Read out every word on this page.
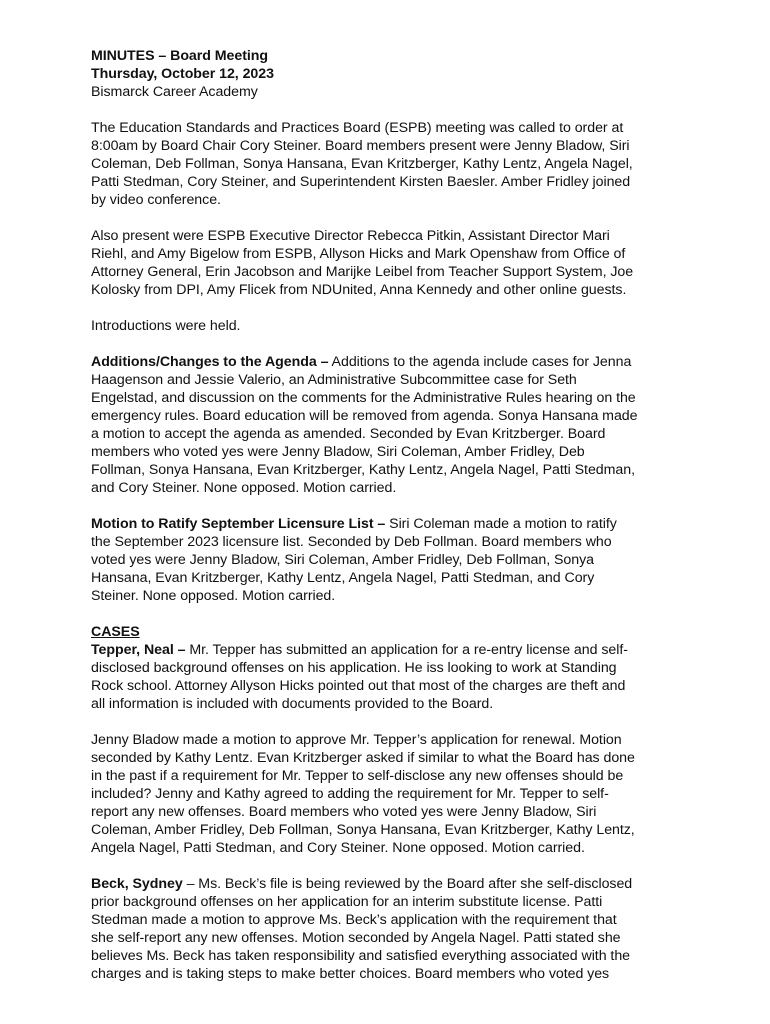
MINUTES – Board Meeting
Thursday, October 12, 2023
Bismarck Career Academy
The Education Standards and Practices Board (ESPB) meeting was called to order at
8:00am by Board Chair Cory Steiner. Board members present were Jenny Bladow, Siri
Coleman, Deb Follman, Sonya Hansana, Evan Kritzberger, Kathy Lentz, Angela Nagel,
Patti Stedman, Cory Steiner, and Superintendent Kirsten Baesler. Amber Fridley joined
by video conference.
Also present were ESPB Executive Director Rebecca Pitkin, Assistant Director Mari
Riehl, and Amy Bigelow from ESPB, Allyson Hicks and Mark Openshaw from Office of
Attorney General, Erin Jacobson and Marijke Leibel from Teacher Support System, Joe
Kolosky from DPI, Amy Flicek from NDUnited, Anna Kennedy and other online guests.
Introductions were held.
Additions/Changes to the Agenda – Additions to the agenda include cases for Jenna
Haagenson and Jessie Valerio, an Administrative Subcommittee case for Seth
Engelstad, and discussion on the comments for the Administrative Rules hearing on the
emergency rules. Board education will be removed from agenda. Sonya Hansana made
a motion to accept the agenda as amended. Seconded by Evan Kritzberger. Board
members who voted yes were Jenny Bladow, Siri Coleman, Amber Fridley, Deb
Follman, Sonya Hansana, Evan Kritzberger, Kathy Lentz, Angela Nagel, Patti Stedman,
and Cory Steiner. None opposed. Motion carried.
Motion to Ratify September Licensure List – Siri Coleman made a motion to ratify
the September 2023 licensure list. Seconded by Deb Follman. Board members who
voted yes were Jenny Bladow, Siri Coleman, Amber Fridley, Deb Follman, Sonya
Hansana, Evan Kritzberger, Kathy Lentz, Angela Nagel, Patti Stedman, and Cory
Steiner. None opposed. Motion carried.
CASES
Tepper, Neal – Mr. Tepper has submitted an application for a re-entry license and self-
disclosed background offenses on his application. He iss looking to work at Standing
Rock school. Attorney Allyson Hicks pointed out that most of the charges are theft and
all information is included with documents provided to the Board.
Jenny Bladow made a motion to approve Mr. Tepper’s application for renewal. Motion
seconded by Kathy Lentz. Evan Kritzberger asked if similar to what the Board has done
in the past if a requirement for Mr. Tepper to self-disclose any new offenses should be
included? Jenny and Kathy agreed to adding the requirement for Mr. Tepper to self-
report any new offenses. Board members who voted yes were Jenny Bladow, Siri
Coleman, Amber Fridley, Deb Follman, Sonya Hansana, Evan Kritzberger, Kathy Lentz,
Angela Nagel, Patti Stedman, and Cory Steiner. None opposed. Motion carried.
Beck, Sydney – Ms. Beck’s file is being reviewed by the Board after she self-disclosed
prior background offenses on her application for an interim substitute license. Patti
Stedman made a motion to approve Ms. Beck’s application with the requirement that
she self-report any new offenses. Motion seconded by Angela Nagel. Patti stated she
believes Ms. Beck has taken responsibility and satisfied everything associated with the
charges and is taking steps to make better choices. Board members who voted yes
